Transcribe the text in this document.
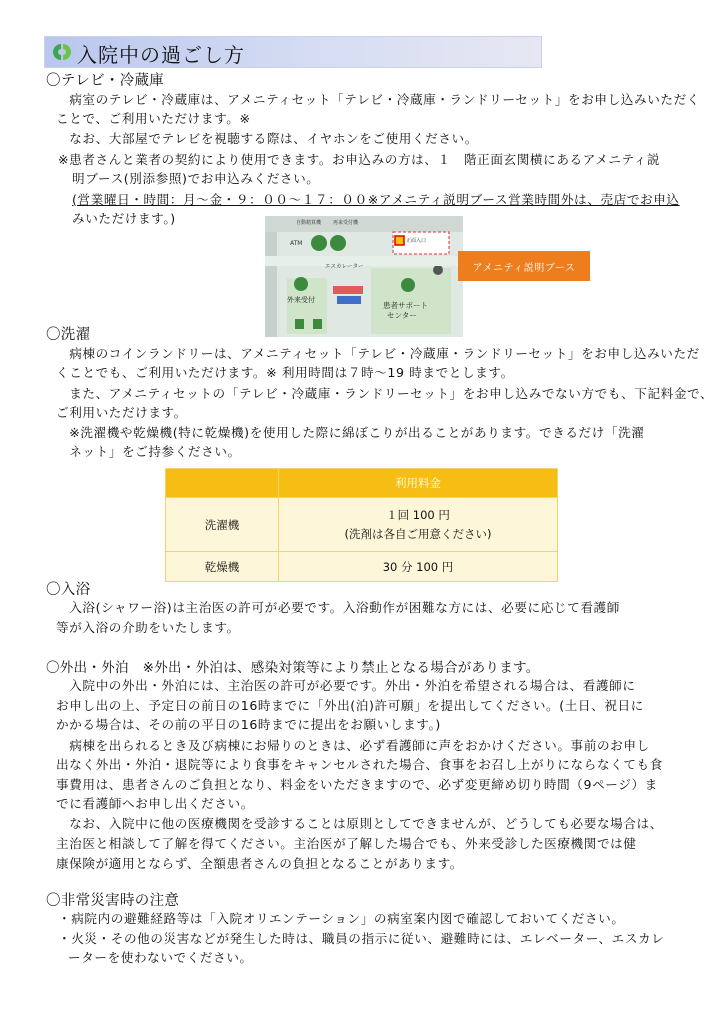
入院中の過ごし方
〇テレビ・冷蔵庫
　病室のテレビ・冷蔵庫は、アメニティセット「テレビ・冷蔵庫・ランドリーセット」をお申し込みいただく
ことで、ご利用いただけます。※
　なお、大部屋でテレビを視聴する際は、イヤホンをご使用ください。
※患者さんと業者の契約により使用できます。お申込みの方は、１　階正面玄関横にあるアメニティ説
明ブース(別添参照)でお申込みください。
(営業曜日・時間：月～金・９：００～１７：００※アメニティ説明ブース営業時間外は、売店でお申込
みいただけます。)	自動精算機 再来受付機
ATM	正面入口
エスカレーター
外来受付
患者サポート
センター
アメニティ説明ブース
〇洗濯
　病棟のコインランドリーは、アメニティセット「テレビ・冷蔵庫・ランドリーセット」をお申し込みいただ
くことでも、ご利用いただけます。※ 利用時間は７時～19 時までとします。
　また、アメニティセットの「テレビ・冷蔵庫・ランドリーセット」をお申し込みでない方でも、下記料金で、
ご利用いただけます。
　※洗濯機や乾燥機(特に乾燥機)を使用した際に綿ぼこりが出ることがあります。できるだけ「洗濯
　ネット」をご持参ください。
	利用料金
洗濯機	１回 100 円
(洗剤は各自ご用意ください)

乾燥機	30 分 100 円
〇入浴
　入浴(シャワー浴)は主治医の許可が必要です。入浴動作が困難な方には、必要に応じて看護師
等が入浴の介助をいたします。
〇外出・外泊　※外出・外泊は、感染対策等により禁止となる場合があります。
　入院中の外出・外泊には、主治医の許可が必要です。外出・外泊を希望される場合は、看護師に
お申し出の上、予定日の前日の16時までに「外出(泊)許可願」を提出してください。(土日、祝日に
かかる場合は、その前の平日の16時までに提出をお願いします。)
　病棟を出られるとき及び病棟にお帰りのときは、必ず看護師に声をおかけください。事前のお申し
出なく外出・外泊・退院等により食事をキャンセルされた場合、食事をお召し上がりにならなくても食
事費用は、患者さんのご負担となり、料金をいただきますので、必ず変更締め切り時間（9ページ）ま
でに看護師へお申し出ください。
　なお、入院中に他の医療機関を受診することは原則としてできませんが、どうしても必要な場合は、
主治医と相談して了解を得てください。主治医が了解した場合でも、外来受診した医療機関では健
康保険が適用とならず、全額患者さんの負担となることがあります。
〇非常災害時の注意
・病院内の避難経路等は「入院オリエンテーション」の病室案内図で確認しておいてください。
・火災・その他の災害などが発生した時は、職員の指示に従い、避難時には、エレベーター、エスカレ
ーターを使わないでください。
